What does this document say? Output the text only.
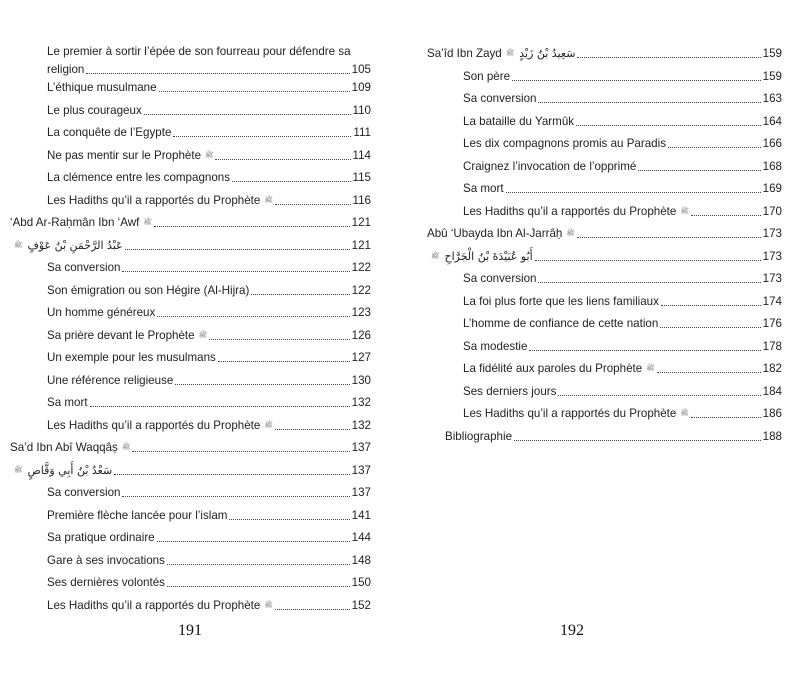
Le premier à sortir l’épée de son fourreau pour défendre sa
religion	105
L’éthique musulmane	109
Le plus courageux	110
La conquête de l’Egypte	111
Ne pas mentir sur le Prophète ﷺ	114
La clémence entre les compagnons	115
Les Hadiths qu’il a rapportés du Prophète ﷺ	116
‘Abd Ar-Raḥmân Ibn ‘Awf ﷺ	121
ﷺ عَبْدُ الرَّحْمَنِ بْنُ عَوْفٍ	121
Sa conversion	122
Son émigration ou son Hégire (Al-Hijra)	122
Un homme généreux	123
Sa prière devant le Prophète ﷺ	126
Un exemple pour les musulmans	127
Une référence religieuse	130
Sa mort	132
Les Hadiths qu’il a rapportés du Prophète ﷺ	132
Sa’d Ibn Abî Waqqâș ﷺ	137
ﷺ سَعْدُ بْنُ أَبِي وَقَّاصٍ	137
Sa conversion	137
Première flèche lancée pour l’islam	141
Sa pratique ordinaire	144
Gare à ses invocations	148
Ses dernières volontés	150
Les Hadiths qu’il a rapportés du Prophète ﷺ	152
191
Sa’îd Ibn Zayd ﷺ سَعِيدُ بْنُ زَيْدٍ	159
Son père	159
Sa conversion	163
La bataille du Yarmûk	164
Les dix compagnons promis au Paradis	166
Craignez l’invocation de l’opprimé	168
Sa mort	169
Les Hadiths qu’il a rapportés du Prophète ﷺ	170
Abû ‘Ubayda Ibn Al-Jarrâḥ ﷺ	173
ﷺ أَبُو عُبَيْدَةَ بْنُ الْجَرَّاحِ	173
Sa conversion	173
La foi plus forte que les liens familiaux	174
L’homme de confiance de cette nation	176
Sa modestie	178
La fidélité aux paroles du Prophète ﷺ	182
Ses derniers jours	184
Les Hadiths qu’il a rapportés du Prophète ﷺ	186
Bibliographie	188
192
